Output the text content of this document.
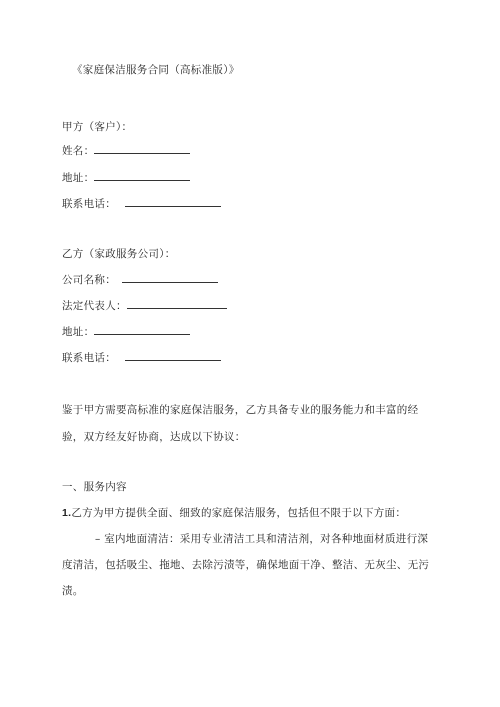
《家庭保洁服务合同（高标准版）》
甲方（客户）：
姓名：
地址：
联系电话：
乙方（家政服务公司）：
公司名称：
法定代表人：
地址：
联系电话：
鉴于甲方需要高标准的家庭保洁服务，乙方具备专业的服务能力和丰富的经
验，双方经友好协商，达成以下协议：
一、服务内容
1.乙方为甲方提供全面、细致的家庭保洁服务，包括但不限于以下方面：
– 室内地面清洁：采用专业清洁工具和清洁剂，对各种地面材质进行深
度清洁，包括吸尘、拖地、去除污渍等，确保地面干净、整洁、无灰尘、无污
渍。
